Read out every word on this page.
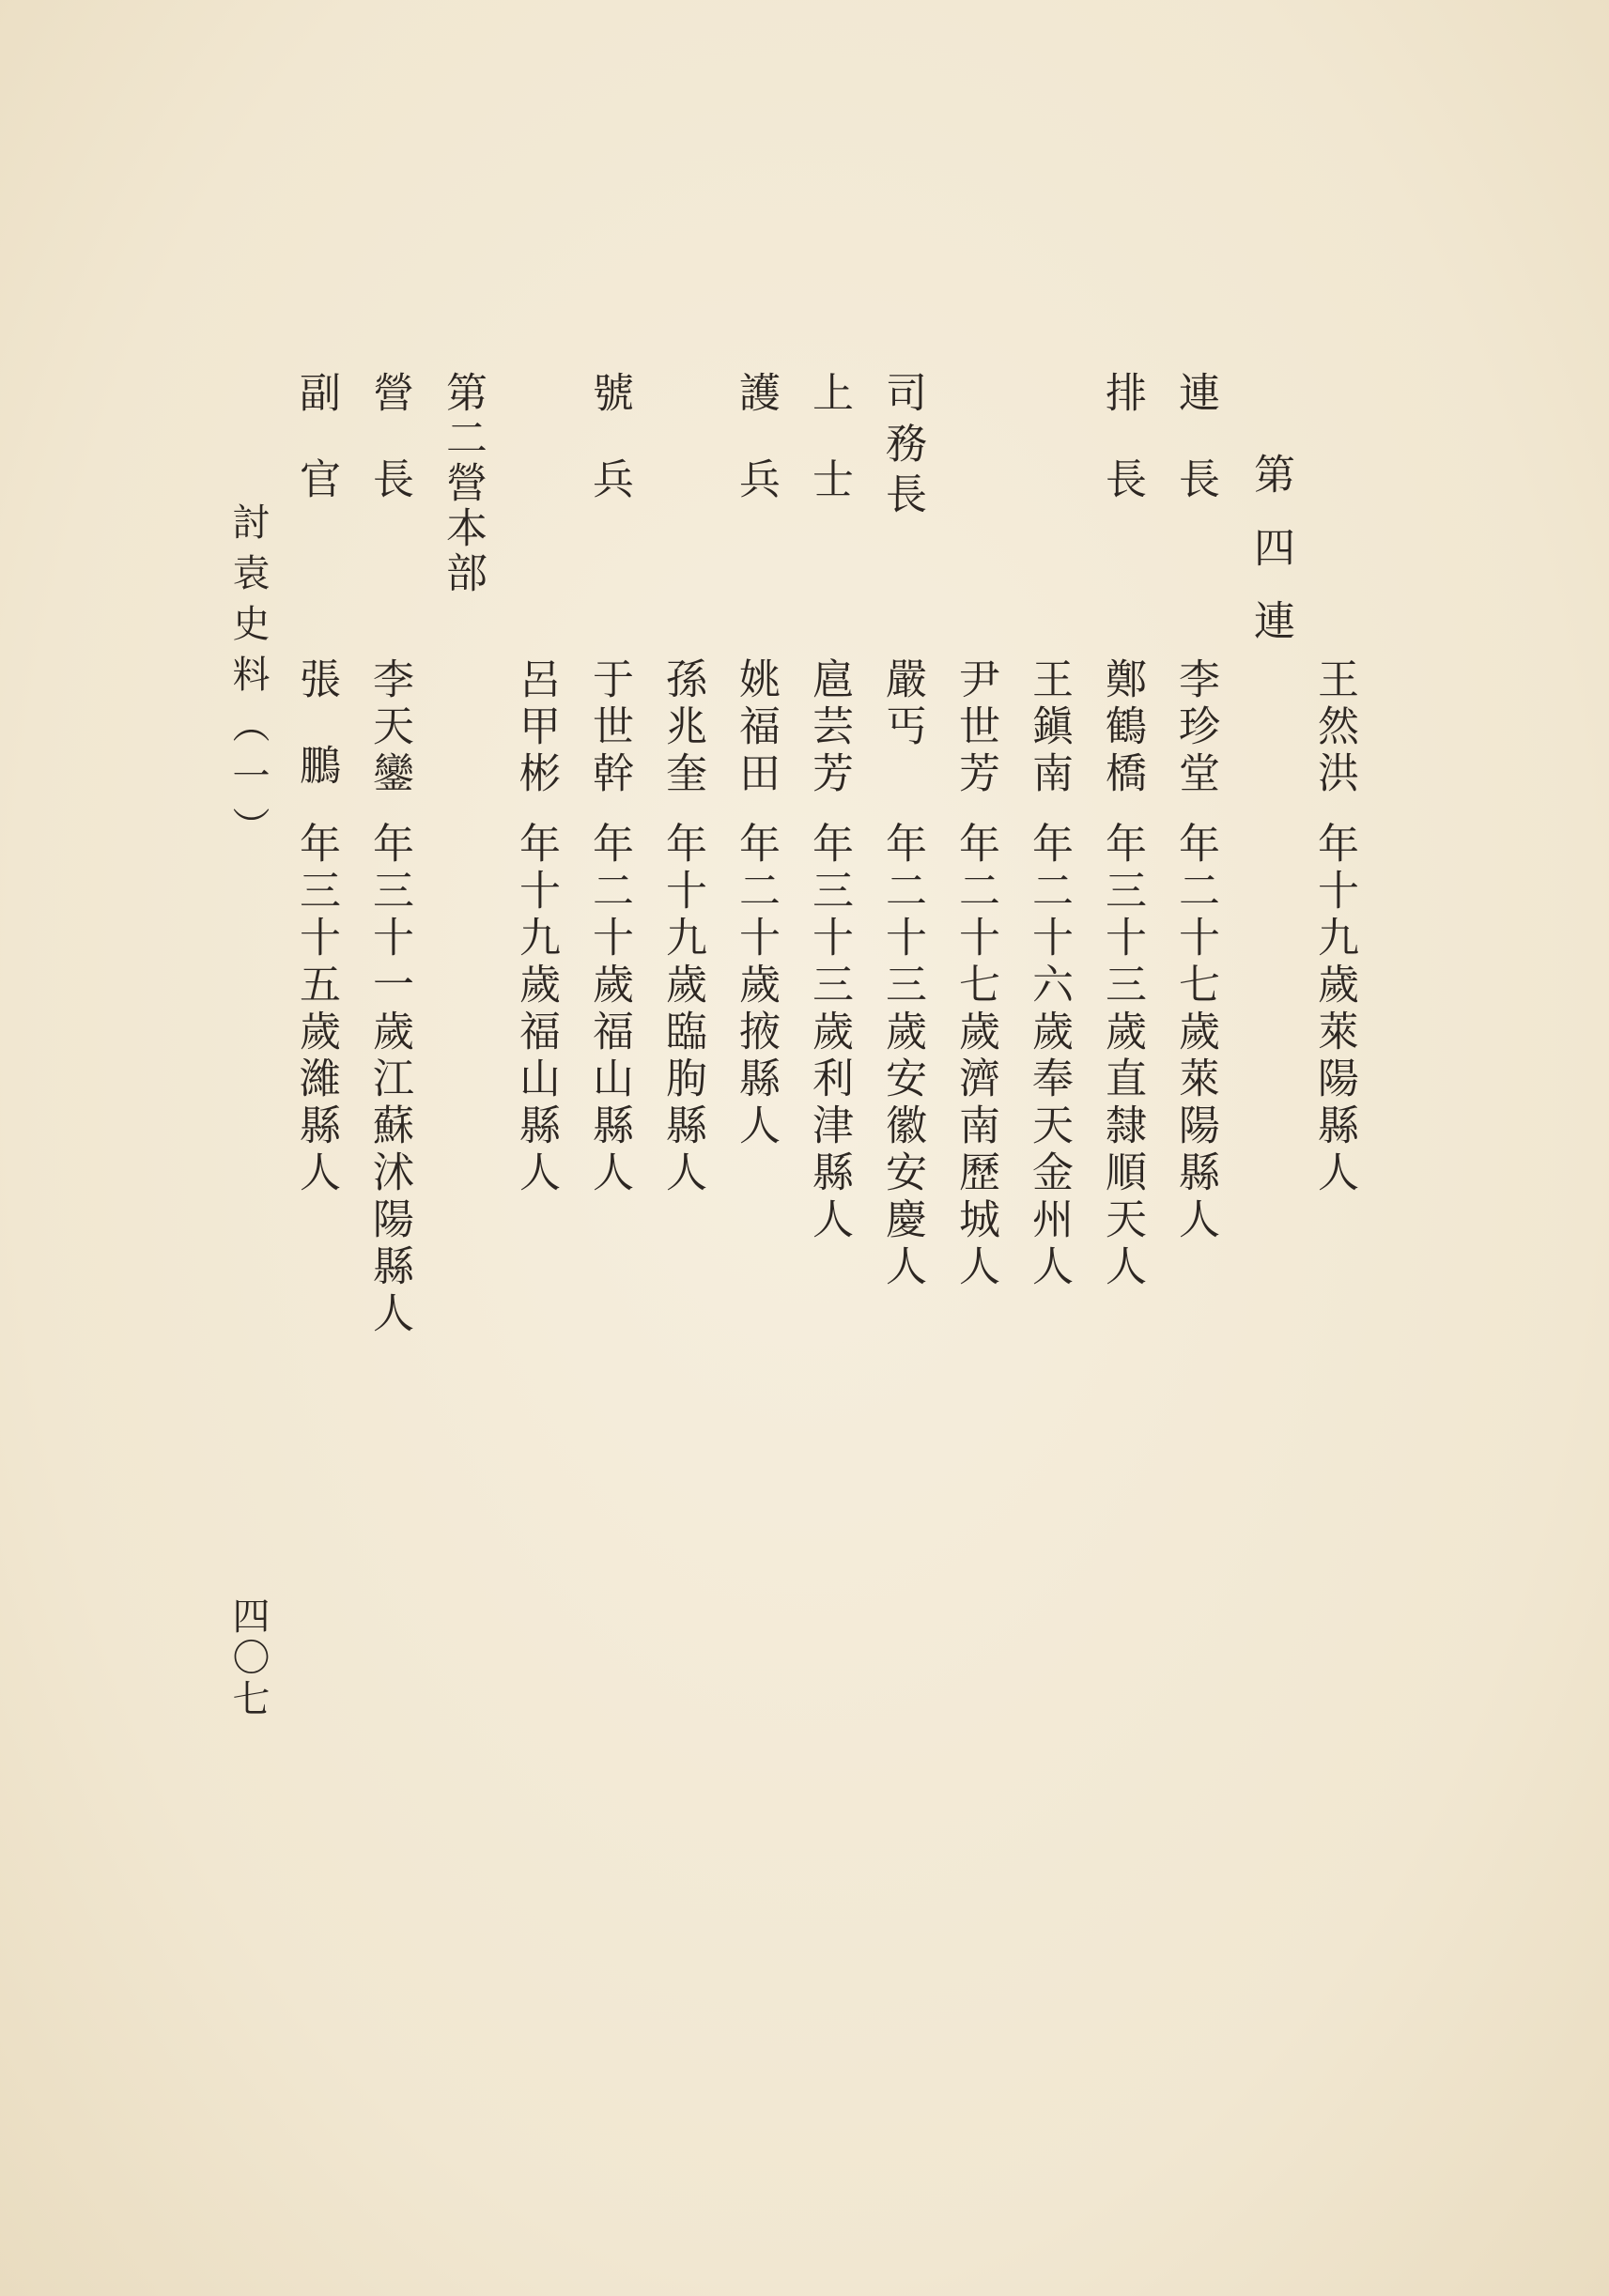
王然洪
年十九歲萊陽縣人
第四連
連長
李珍堂
年二十七歲萊陽縣人
排長
鄭鶴橋
年三十三歲直隸順天人
王鎭南
年二十六歲奉天金州人
尹世芳
年二十七歲濟南歷城人
司務長
嚴丐
年二十三歲安徽安慶人
上士
扈芸芳
年三十三歲利津縣人
護兵
姚福田
年二十歲掖縣人
孫兆奎
年十九歲臨朐縣人
號兵
于世幹
年二十歲福山縣人
呂甲彬
年十九歲福山縣人
第二營本部
營長
李天鑾
年三十一歲江蘇沭陽縣人
副官
張鵬
年三十五歲濰縣人
討袁史料（一）
四〇七
